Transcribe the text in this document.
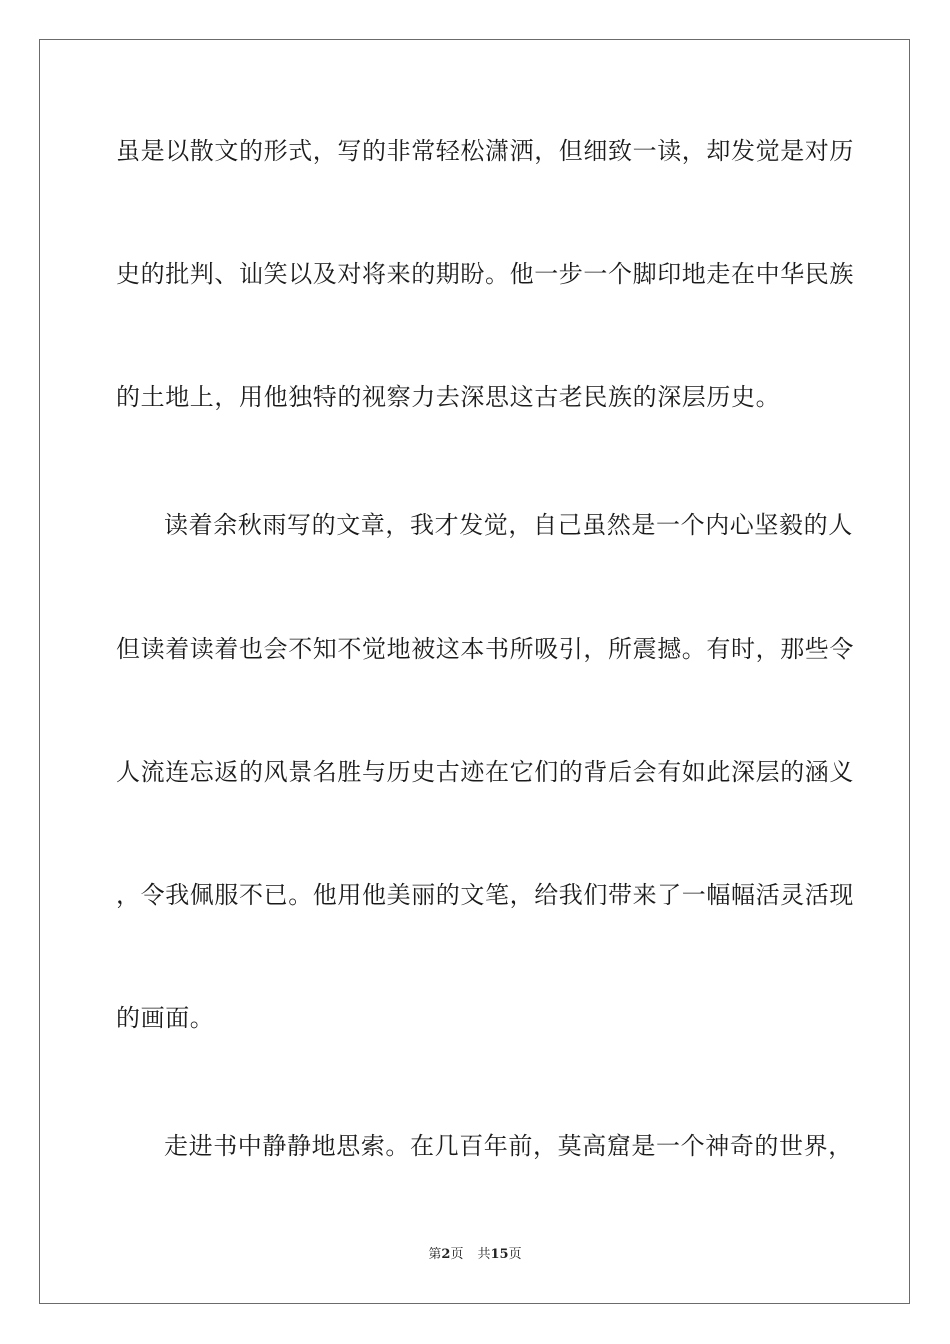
虽是以散文的形式，写的非常轻松潇洒，但细致一读，却发觉是对历
史的批判、讪笑以及对将来的期盼。他一步一个脚印地走在中华民族
的土地上，用他独特的视察力去深思这古老民族的深层历史。
读着余秋雨写的文章，我才发觉，自己虽然是一个内心坚毅的人
但读着读着也会不知不觉地被这本书所吸引，所震撼。有时，那些令
人流连忘返的风景名胜与历史古迹在它们的背后会有如此深层的涵义
，令我佩服不已。他用他美丽的文笔，给我们带来了一幅幅活灵活现
的画面。
走进书中静静地思索。在几百年前，莫高窟是一个神奇的世界，
第2页 共15页
